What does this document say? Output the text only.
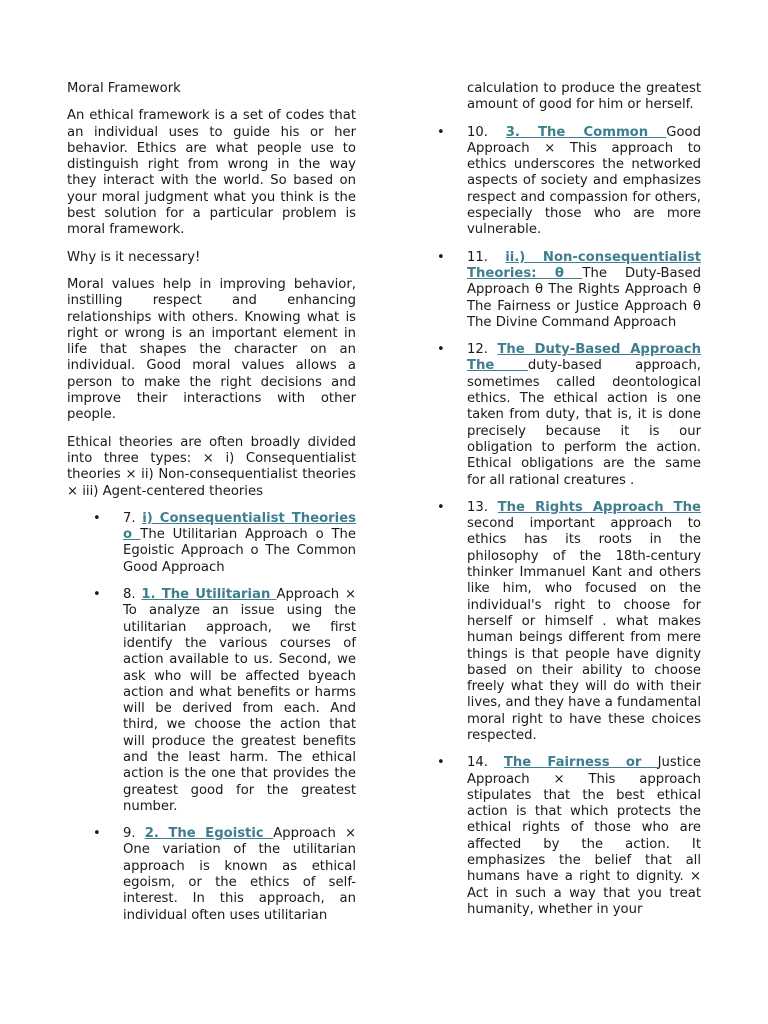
Moral Framework

An ethical framework is a set of codes that an individual uses to guide his or her behavior. Ethics are what people use to distinguish right from wrong in the way they interact with the world. So based on your moral judgment what you think is the best solution for a particular problem is moral framework.

Why is it necessary!

Moral values help in improving behavior, instilling respect and enhancing relationships with others. Knowing what is right or wrong is an important element in life that shapes the character on an individual. Good moral values allows a person to make the right decisions and improve their interactions with other people.

Ethical theories are often broadly divided into three types: × i) Consequentialist theories × ii) Non-consequentialist theories × iii) Agent-centered theories

• 7. i) Consequentialist Theories o The Utilitarian Approach o The Egoistic Approach o The Common Good Approach
• 8. 1. The Utilitarian Approach × To analyze an issue using the utilitarian approach, we first identify the various courses of action available to us. Second, we ask who will be affected byeach action and what benefits or harms will be derived from each. And third, we choose the action that will produce the greatest benefits and the least harm. The ethical action is the one that provides the greatest good for the greatest number.
• 9. 2. The Egoistic Approach × One variation of the utilitarian approach is known as ethical egoism, or the ethics of self-interest. In this approach, an individual often uses utilitarian
calculation to produce the greatest amount of good for him or herself.
• 10. 3. The Common Good Approach × This approach to ethics underscores the networked aspects of society and emphasizes respect and compassion for others, especially those who are more vulnerable.
• 11. ii.) Non-consequentialist Theories: θ The Duty-Based Approach θ The Rights Approach θ The Fairness or Justice Approach θ The Divine Command Approach
• 12. The Duty-Based Approach The duty-based approach, sometimes called deontological ethics. The ethical action is one taken from duty, that is, it is done precisely because it is our obligation to perform the action. Ethical obligations are the same for all rational creatures .
• 13. The Rights Approach The second important approach to ethics has its roots in the philosophy of the 18th-century thinker Immanuel Kant and others like him, who focused on the individual's right to choose for herself or himself . what makes human beings different from mere things is that people have dignity based on their ability to choose freely what they will do with their lives, and they have a fundamental moral right to have these choices respected.
• 14. The Fairness or Justice Approach × This approach stipulates that the best ethical action is that which protects the ethical rights of those who are affected by the action. It emphasizes the belief that all humans have a right to dignity. × Act in such a way that you treat humanity, whether in your
